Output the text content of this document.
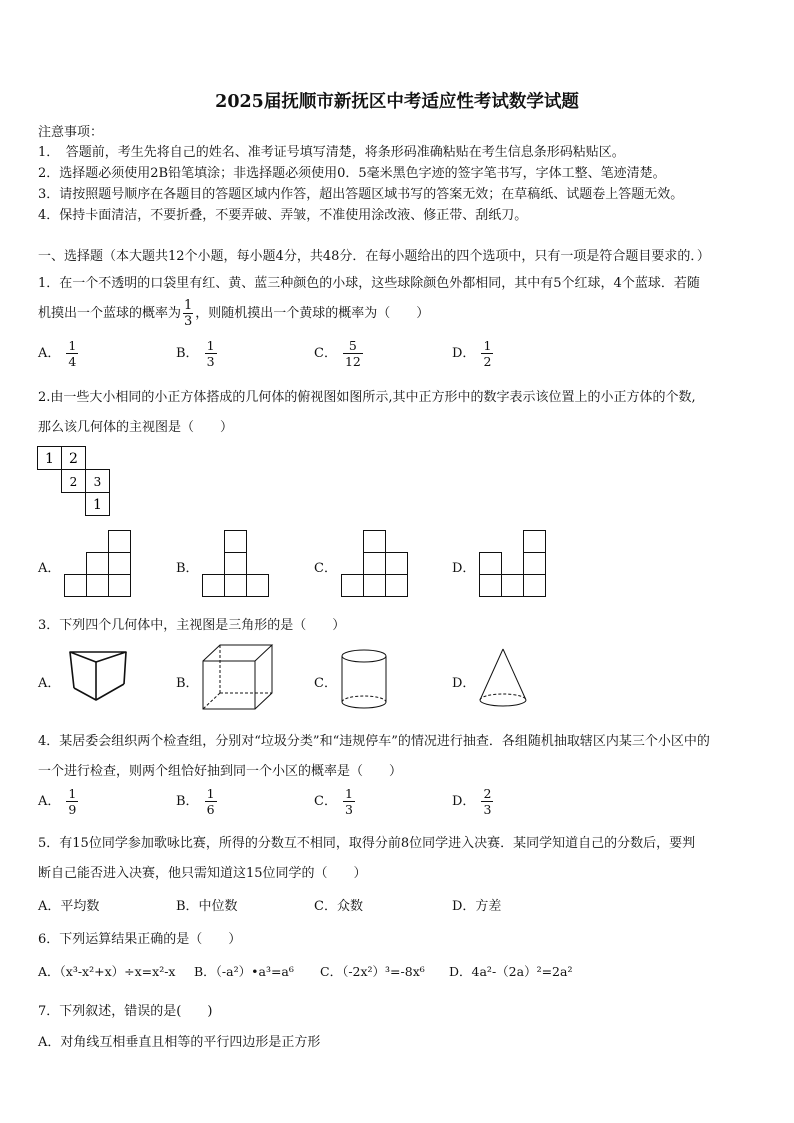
2025届抚顺市新抚区中考适应性考试数学试题
注意事项：
1．　答题前，考生先将自己的姓名、准考证号填写清楚，将条形码准确粘贴在考生信息条形码粘贴区。
2．选择题必须使用2B铅笔填涂；非选择题必须使用0．5毫米黑色字迹的签字笔书写，字体工整、笔迹清楚。
3．请按照题号顺序在各题目的答题区域内作答，超出答题区域书写的答案无效；在草稿纸、试题卷上答题无效。
4．保持卡面清洁，不要折叠，不要弄破、弄皱，不准使用涂改液、修正带、刮纸刀。
一、选择题（本大题共12个小题，每小题4分，共48分．在每小题给出的四个选项中，只有一项是符合题目要求的．）
1．在一个不透明的口袋里有红、黄、蓝三种颜色的小球，这些球除颜色外都相同，其中有5个红球，4个蓝球．若随
机摸出一个蓝球的概率为 $\frac{1}{3}$ ，则随机摸出一个黄球的概率为（　　）
A． $\frac{1}{4}$	B． $\frac{1}{3}$	C． $\frac{5}{12}$	D． $\frac{1}{2}$
2.由一些大小相同的小正方体搭成的几何体的俯视图如图所示,其中正方形中的数字表示该位置上的小正方体的个数,
那么该几何体的主视图是（　　）
1 2
2 3
1
A．	B．	C．	D．
3．下列四个几何体中，主视图是三角形的是（　　）
A．	B．	C．	D．
4．某居委会组织两个检查组，分别对“垃圾分类”和“违规停车”的情况进行抽查．各组随机抽取辖区内某三个小区中的
一个进行检查，则两个组恰好抽到同一个小区的概率是（　　）
A． $\frac{1}{9}$	B． $\frac{1}{6}$	C． $\frac{1}{3}$	D． $\frac{2}{3}$
5．有15位同学参加歌咏比赛，所得的分数互不相同，取得分前8位同学进入决赛．某同学知道自己的分数后，要判
断自己能否进入决赛，他只需知道这15位同学的（　　）
A．平均数	B．中位数	C．众数	D．方差
6．下列运算结果正确的是（　　）
A．（x³-x²+x）÷x=x²-x B．（-a²）•a³=a⁶ C．（-2x²）³=-8x⁶ D．4a²-（2a）²=2a²
7．下列叙述，错误的是(　　)
A．对角线互相垂直且相等的平行四边形是正方形
